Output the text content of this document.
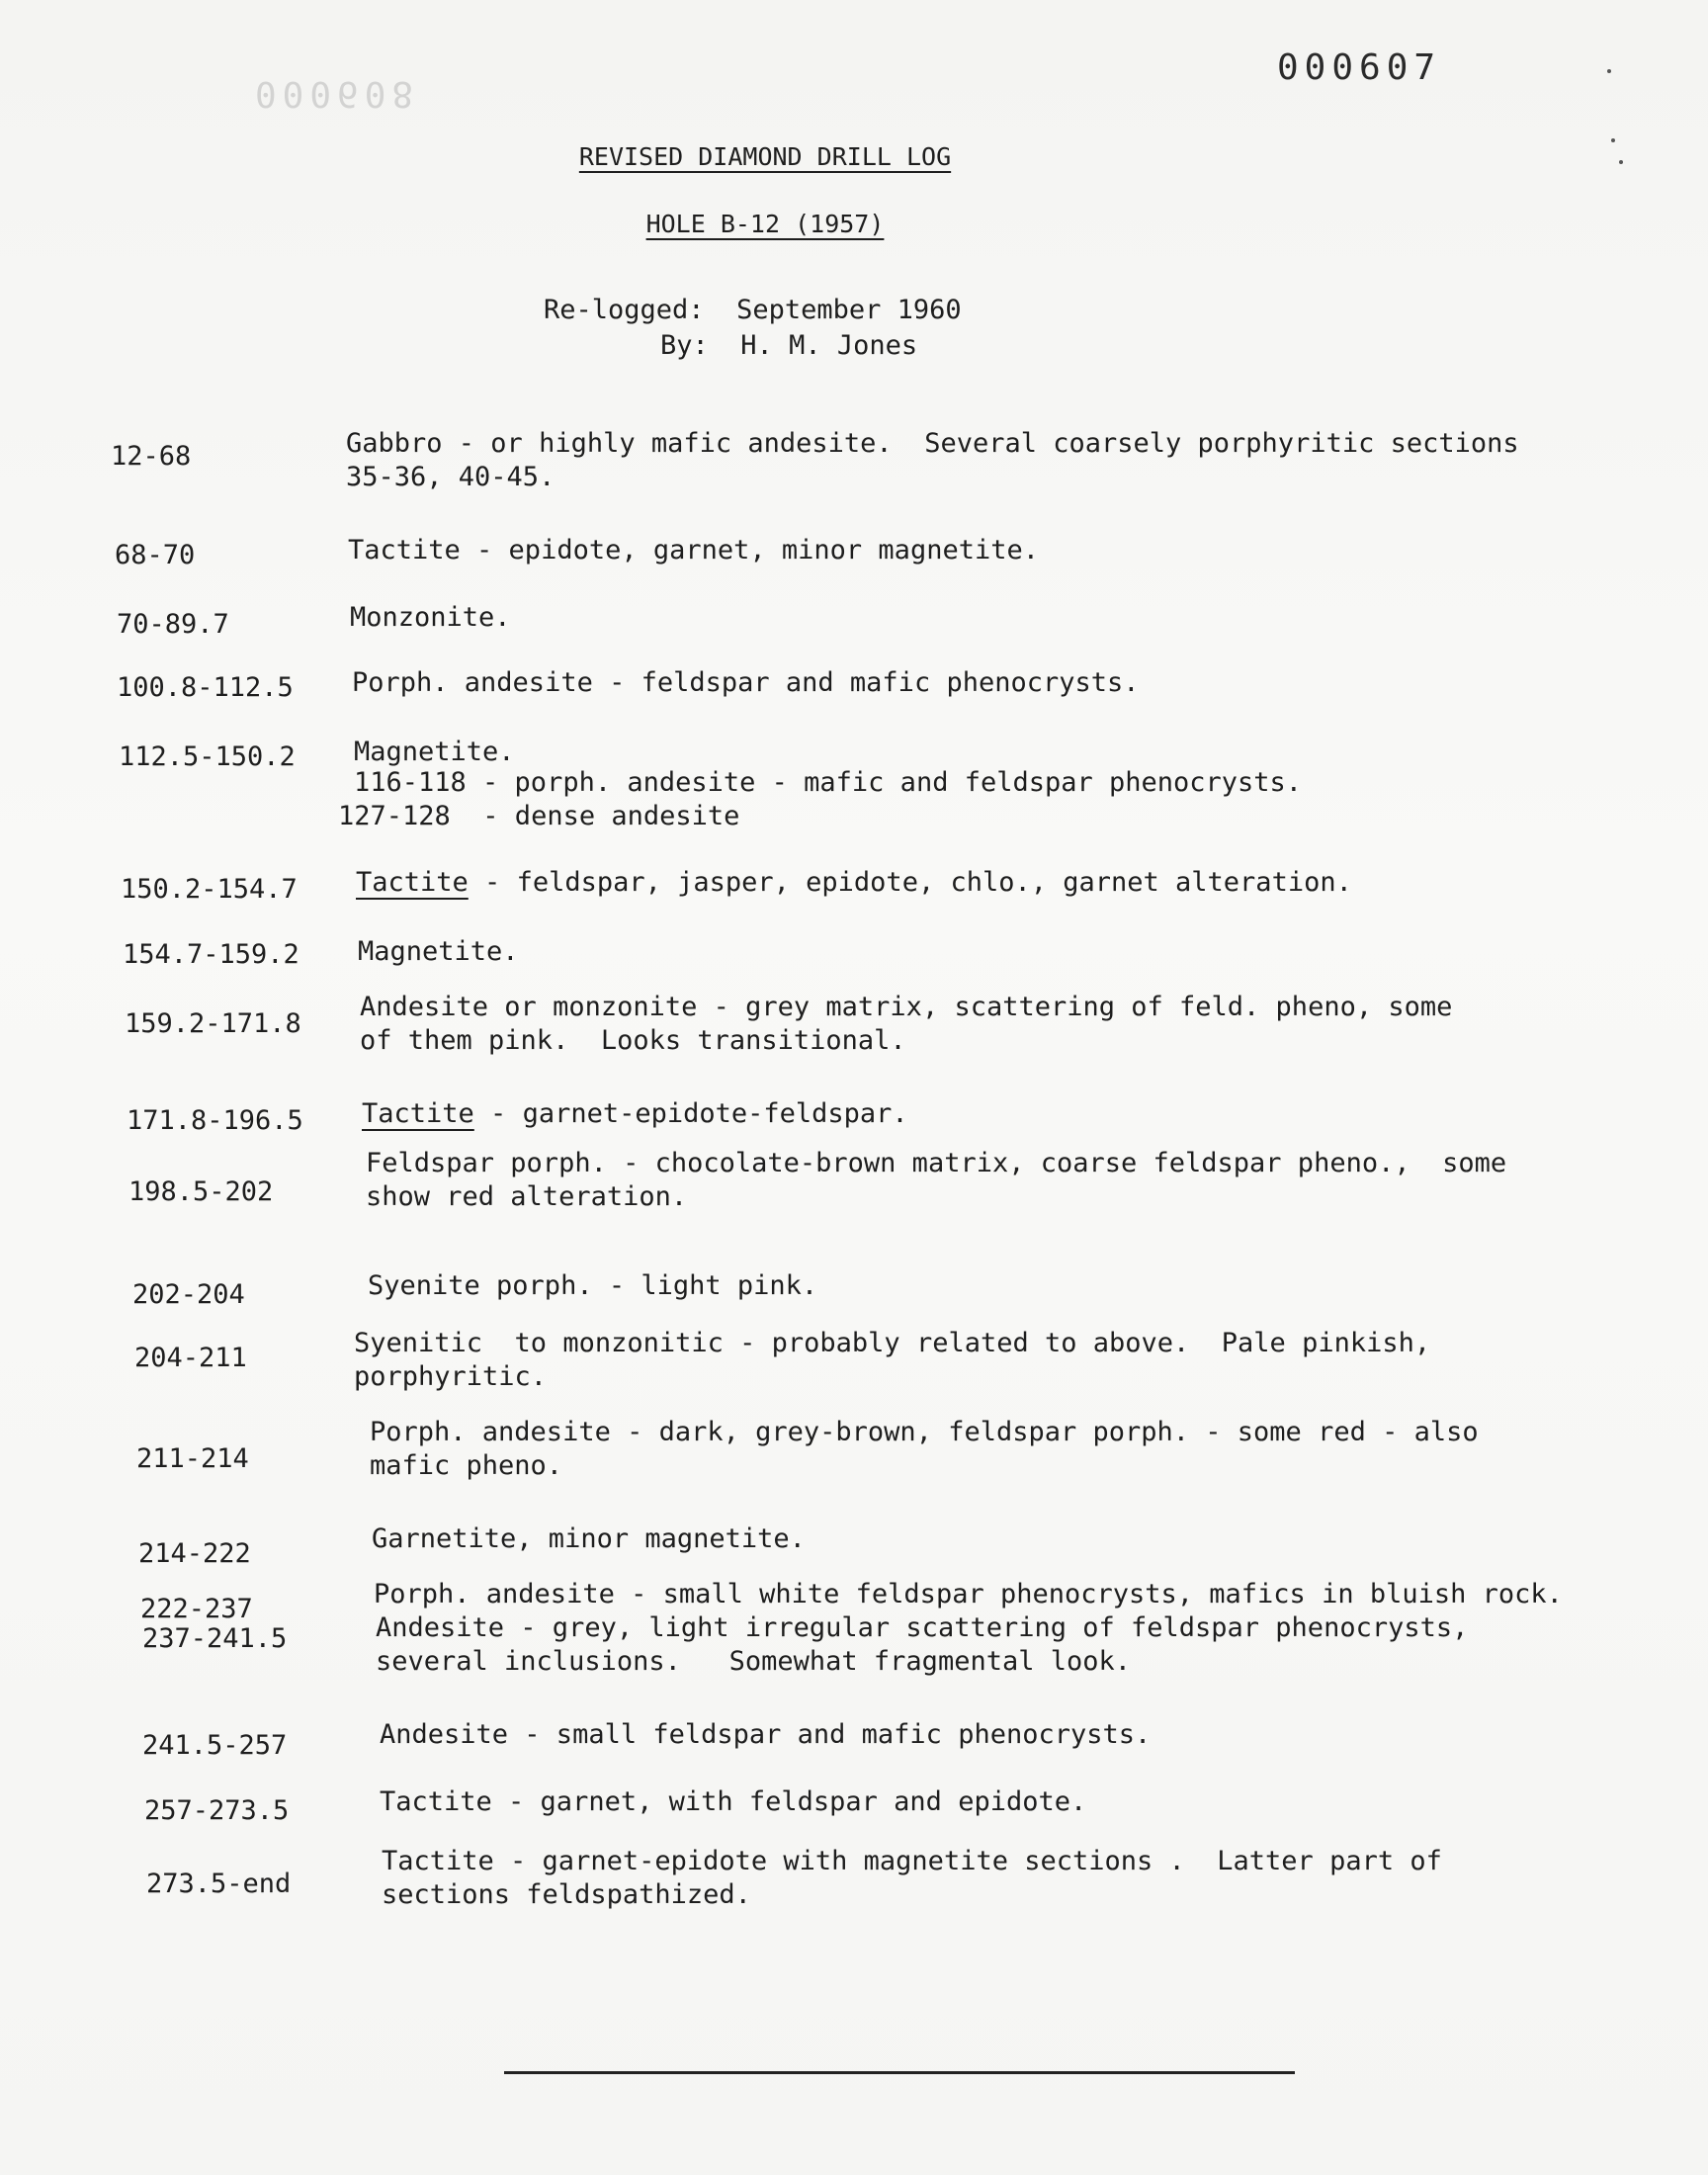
000608
000607
REVISED DIAMOND DRILL LOG
HOLE B-12 (1957)
Re-logged: September 1960
By: H. M. Jones
12-68	Gabbro - or highly mafic andesite.  Several coarsely porphyritic sections
35-36, 40-45.
68-70	Tactite - epidote, garnet, minor magnetite.
70-89.7	Monzonite.
100.8-112.5 Porph. andesite - feldspar and mafic phenocrysts.
112.5-150.2 Magnetite.
116-118 - porph. andesite - mafic and feldspar phenocrysts.
127-128  - dense andesite
150.2-154.7 Tactite - feldspar, jasper, epidote, chlo., garnet alteration.
154.7-159.2 Magnetite.
159.2-171.8
Andesite or monzonite - grey matrix, scattering of feld. pheno, some
of them pink.  Looks transitional.
171.8-196.5 Tactite - garnet-epidote-feldspar.
198.5-202
Feldspar porph. - chocolate-brown matrix, coarse feldspar pheno.,  some
show red alteration.
202-204	Syenite porph. - light pink.
204-211	Syenitic  to monzonitic - probably related to above.  Pale pinkish,
porphyritic.
211-214
Porph. andesite - dark, grey-brown, feldspar porph. - some red - also
mafic pheno.
214-222	Garnetite, minor magnetite.
222-237	Porph. andesite - small white feldspar phenocrysts, mafics in bluish rock.
237-241.5	Andesite - grey, light irregular scattering of feldspar phenocrysts,
several inclusions.   Somewhat fragmental look.
241.5-257	Andesite - small feldspar and mafic phenocrysts.
257-273.5	Tactite - garnet, with feldspar and epidote.
273.5-end
Tactite - garnet-epidote with magnetite sections .  Latter part of
sections feldspathized.
